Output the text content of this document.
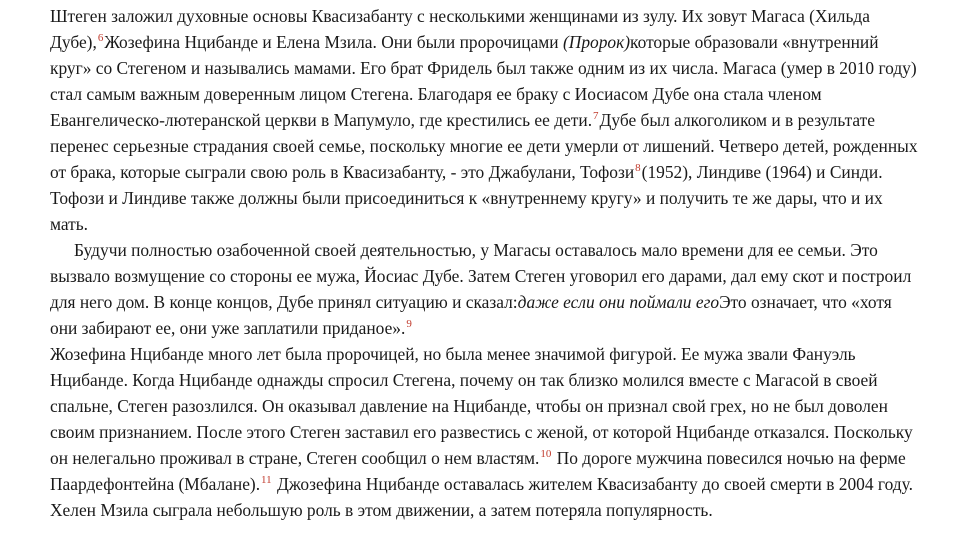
Штеген заложил духовные основы Квасизабанту с несколькими женщинами из зулу. Их зовут Магаса (Хильда Дубе),$^6$Жозефина Нцибанде и Елена Мзила. Они были пророчицами (Пророк)которые образовали «внутренний круг» со Стегеном и назывались мамами. Его брат Фридель был также одним из их числа. Магаса (умер в 2010 году) стал самым важным доверенным лицом Стегена. Благодаря ее браку с Иосиасом Дубе она стала членом Евангелическо-лютеранской церкви в Мапумуло, где крестились ее дети.$^7$Дубе был алкоголиком и в результате перенес серьезные страдания своей семье, поскольку многие ее дети умерли от лишений. Четверо детей, рожденных от брака, которые сыграли свою роль в Квасизабанту, - это Джабулани, Тофози$^8$(1952), Линдиве (1964) и Синди. Тофози и Линдиве также должны были присоединиться к «внутреннему кругу» и получить те же дары, что и их мать.

Будучи полностью озабоченной своей деятельностью, у Магасы оставалось мало времени для ее семьи. Это вызвало возмущение со стороны ее мужа, Йосиас Дубе. Затем Стеген уговорил его дарами, дал ему скот и построил для него дом. В конце концов, Дубе принял ситуацию и сказал:даже если они поймали егоЭто означает, что «хотя они забирают ее, они уже заплатили приданое».$^9$

Жозефина Нцибанде много лет была пророчицей, но была менее значимой фигурой. Ее мужа звали Фануэль Нцибанде. Когда Нцибанде однажды спросил Стегена, почему он так близко молился вместе с Магасой в своей спальне, Стеген разозлился. Он оказывал давление на Нцибанде, чтобы он признал свой грех, но не был доволен своим признанием. После этого Стеген заставил его развестись с женой, от которой Нцибанде отказался. Поскольку он нелегально проживал в стране, Стеген сообщил о нем властям.$^{10}$ По дороге мужчина повесился ночью на ферме Паардефонтейна (Мбалане).$^{11}$ Джозефина Нцибанде оставалась жителем Квасизабанту до своей смерти в 2004 году. Хелен Мзила сыграла небольшую роль в этом движении, а затем потеряла популярность.
